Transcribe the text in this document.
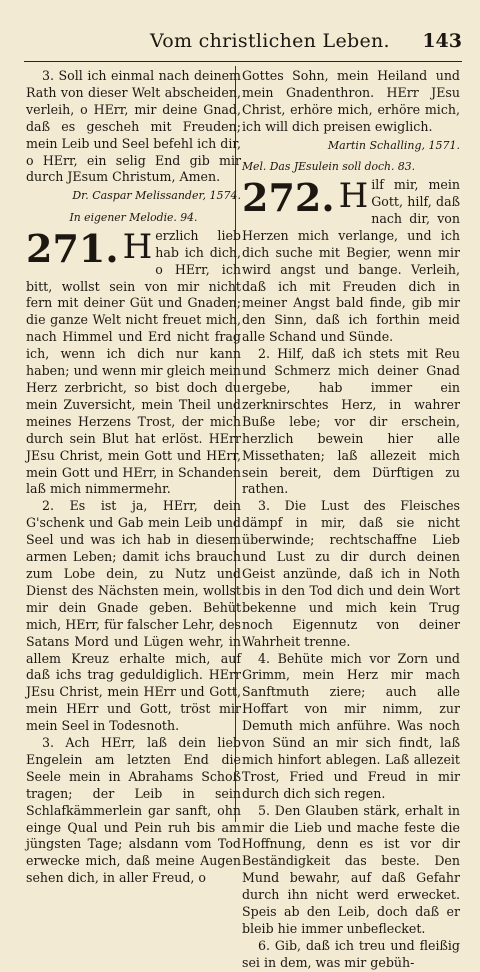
Vom christlichen Leben. 143

3. Soll ich einmal nach deinem Rath von dieser Welt abscheiden, verleih, o HErr, mir deine Gnad, daß es gescheh mit Freuden; mein Leib und Seel befehl ich dir, o HErr, ein selig End gib mir durch JEsum Christum, Amen.

Dr. Caspar Melissander, 1574.

In eigener Melodie. 94.

271. H erzlich lieb hab ich dich, o HErr, ich bitt, wollst sein von mir nicht fern mit deiner Güt und Gnaden; die ganze Welt nicht freuet mich, nach Himmel und Erd nicht frag ich, wenn ich dich nur kann haben; und wenn mir gleich mein Herz zerbricht, so bist doch du mein Zuversicht, mein Theil und meines Herzens Trost, der mich durch sein Blut hat erlöst. HErr JEsu Christ, mein Gott und HErr, mein Gott und HErr, in Schanden laß mich nimmermehr.

2. Es ist ja, HErr, dein G'schenk und Gab mein Leib und Seel und was ich hab in diesem armen Leben; damit ichs brauch zum Lobe dein, zu Nutz und Dienst des Nächsten mein, wollst mir dein Gnade geben. Behüt mich, HErr, für falscher Lehr, des Satans Mord und Lügen wehr, in allem Kreuz erhalte mich, auf daß ichs trag geduldiglich. HErr JEsu Christ, mein HErr und Gott, mein HErr und Gott, tröst mir mein Seel in Todesnoth.

3. Ach HErr, laß dein lieb Engelein am letzten End die Seele mein in Abrahams Schoß tragen; der Leib in sein Schlafkämmerlein gar sanft, ohn einge Qual und Pein ruh bis am jüngsten Tage; alsdann vom Tod erwecke mich, daß meine Augen sehen dich, in aller Freud, o

Gottes Sohn, mein Heiland und mein Gnadenthron. HErr JEsu Christ, erhöre mich, erhöre mich, ich will dich preisen ewiglich.

Martin Schalling, 1571.

Mel. Das JEsulein soll doch. 83.

272. H ilf mir, mein Gott, hilf, daß nach dir, von Herzen mich verlange, und ich dich suche mit Begier, wenn mir wird angst und bange. Verleih, daß ich mit Freuden dich in meiner Angst bald finde, gib mir den Sinn, daß ich forthin meid alle Schand und Sünde.

2. Hilf, daß ich stets mit Reu und Schmerz mich deiner Gnad ergebe, hab immer ein zerknirschtes Herz, in wahrer Buße lebe; vor dir erschein, herzlich bewein hier alle Missethaten; laß allezeit mich sein bereit, dem Dürftigen zu rathen.

3. Die Lust des Fleisches dämpf in mir, daß sie nicht überwinde; rechtschaffne Lieb und Lust zu dir durch deinen Geist anzünde, daß ich in Noth bis in den Tod dich und dein Wort bekenne und mich kein Trug noch Eigennutz von deiner Wahrheit trenne.

4. Behüte mich vor Zorn und Grimm, mein Herz mir mach Sanftmuth ziere; auch alle Hoffart von mir nimm, zur Demuth mich anführe. Was noch von Sünd an mir sich findt, laß mich hinfort ablegen. Laß allezeit Trost, Fried und Freud in mir durch dich sich regen.

5. Den Glauben stärk, erhalt in mir die Lieb und mache feste die Hoffnung, denn es ist vor dir Beständigkeit das beste. Den Mund bewahr, auf daß Gefahr durch ihn nicht werd erwecket. Speis ab den Leib, doch daß er bleib hie immer unbeflecket.

6. Gib, daß ich treu und fleißig sei in dem, was mir gebüh-
